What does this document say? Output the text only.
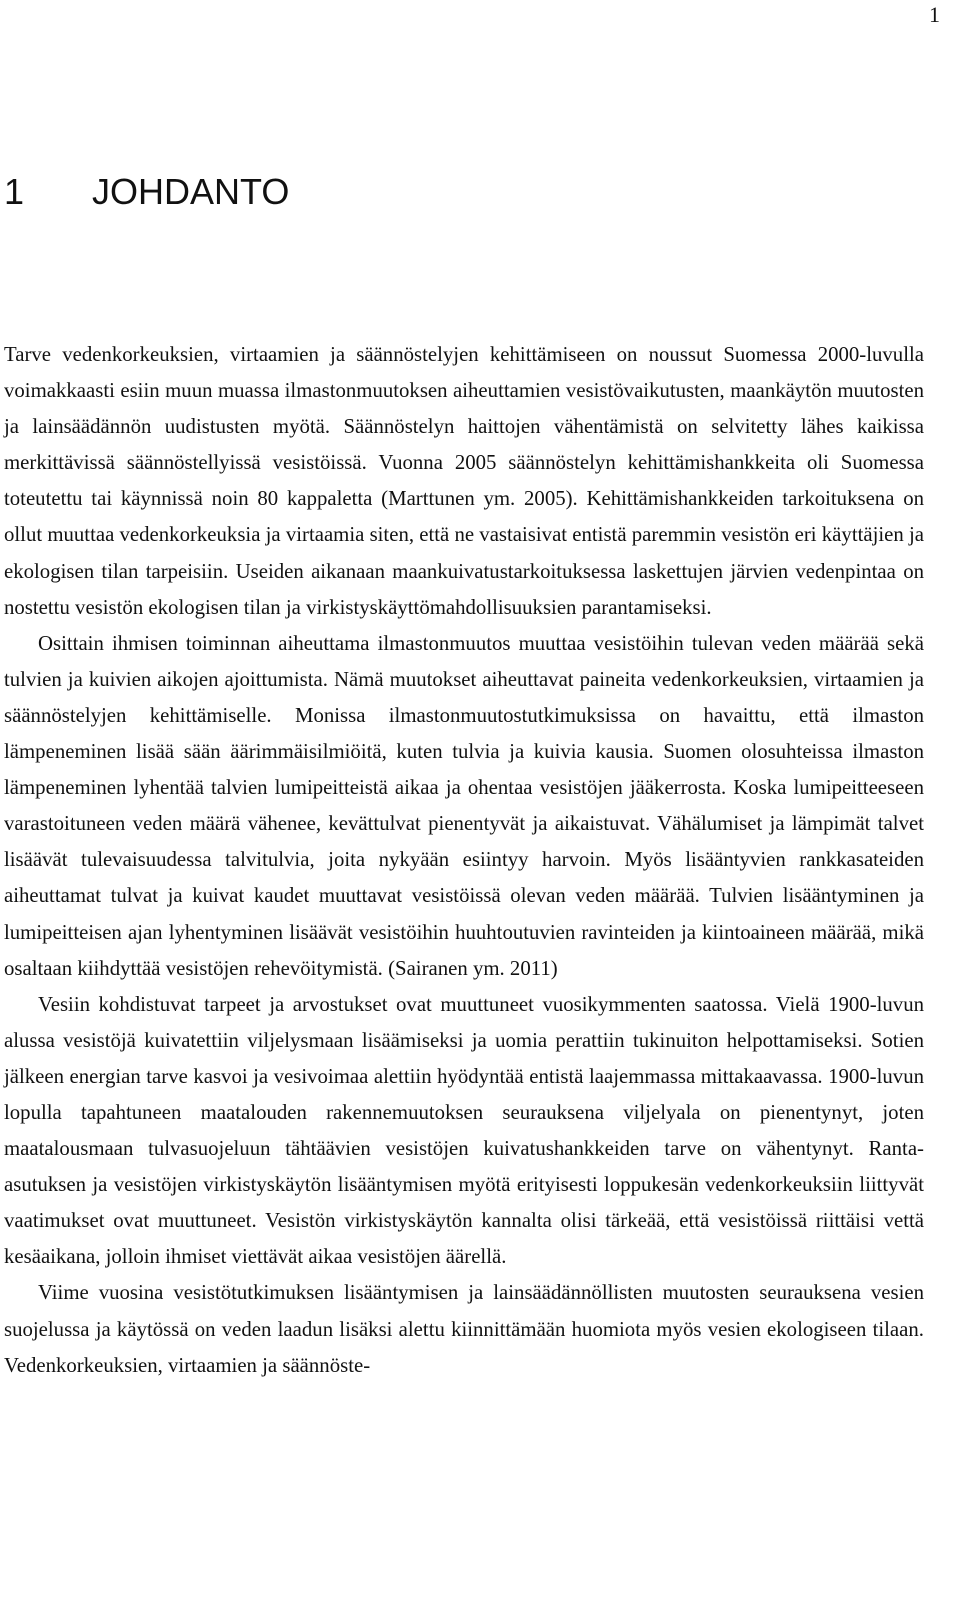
1

1 JOHDANTO

Tarve vedenkorkeuksien, virtaamien ja säännöstelyjen kehittämiseen on noussut Suomessa 2000-luvulla voimakkaasti esiin muun muassa ilmastonmuutoksen aiheuttamien vesistövaikutusten, maankäytön muutosten ja lainsäädännön uudistusten myötä. Säännöstelyn haittojen vähentämistä on selvitetty lähes kaikissa merkittävissä säännöstellyissä vesistöissä. Vuonna 2005 säännöstelyn kehittämishankkeita oli Suomessa toteutettu tai käynnissä noin 80 kappaletta (Marttunen ym. 2005). Kehittämishankkeiden tarkoituksena on ollut muuttaa vedenkorkeuksia ja virtaamia siten, että ne vastaisivat entistä paremmin vesistön eri käyttäjien ja ekologisen tilan tarpeisiin. Useiden aikanaan maankuivatustarkoituksessa laskettujen järvien vedenpintaa on nostettu vesistön ekologisen tilan ja virkistyskäyttömahdollisuuksien parantamiseksi.

Osittain ihmisen toiminnan aiheuttama ilmastonmuutos muuttaa vesistöihin tulevan veden määrää sekä tulvien ja kuivien aikojen ajoittumista. Nämä muutokset aiheuttavat paineita vedenkorkeuksien, virtaamien ja säännöstelyjen kehittämiselle. Monissa ilmastonmuutostutkimuksissa on havaittu, että ilmaston lämpeneminen lisää sään äärimmäisilmiöitä, kuten tulvia ja kuivia kausia. Suomen olosuhteissa ilmaston lämpeneminen lyhentää talvien lumipeitteistä aikaa ja ohentaa vesistöjen jääkerrosta. Koska lumipeitteeseen varastoituneen veden määrä vähenee, kevättulvat pienentyvät ja aikaistuvat. Vähälumiset ja lämpimät talvet lisäävät tulevaisuudessa talvitulvia, joita nykyään esiintyy harvoin. Myös lisääntyvien rankkasateiden aiheuttamat tulvat ja kuivat kaudet muuttavat vesistöissä olevan veden määrää. Tulvien lisääntyminen ja lumipeitteisen ajan lyhentyminen lisäävät vesistöihin huuhtoutuvien ravinteiden ja kiintoaineen määrää, mikä osaltaan kiihdyttää vesistöjen rehevöitymistä. (Sairanen ym. 2011)

Vesiin kohdistuvat tarpeet ja arvostukset ovat muuttuneet vuosikymmenten saatossa. Vielä 1900-luvun alussa vesistöjä kuivatettiin viljelysmaan lisäämiseksi ja uomia perattiin tukinuiton helpottamiseksi. Sotien jälkeen energian tarve kasvoi ja vesivoimaa alettiin hyödyntää entistä laajemmassa mittakaavassa. 1900-luvun lopulla tapahtuneen maatalouden rakennemuutoksen seurauksena viljelyala on pienentynyt, joten maatalousmaan tulvasuojeluun tähtäävien vesistöjen kuivatushankkeiden tarve on vähentynyt. Ranta-asutuksen ja vesistöjen virkistyskäytön lisääntymisen myötä erityisesti loppukesän vedenkorkeuksiin liittyvät vaatimukset ovat muuttuneet. Vesistön virkistyskäytön kannalta olisi tärkeää, että vesistöissä riittäisi vettä kesäaikana, jolloin ihmiset viettävät aikaa vesistöjen äärellä.

Viime vuosina vesistötutkimuksen lisääntymisen ja lainsäädännöllisten muutosten seurauksena vesien suojelussa ja käytössä on veden laadun lisäksi alettu kiinnittämään huomiota myös vesien ekologiseen tilaan. Vedenkorkeuksien, virtaamien ja säännöste-
